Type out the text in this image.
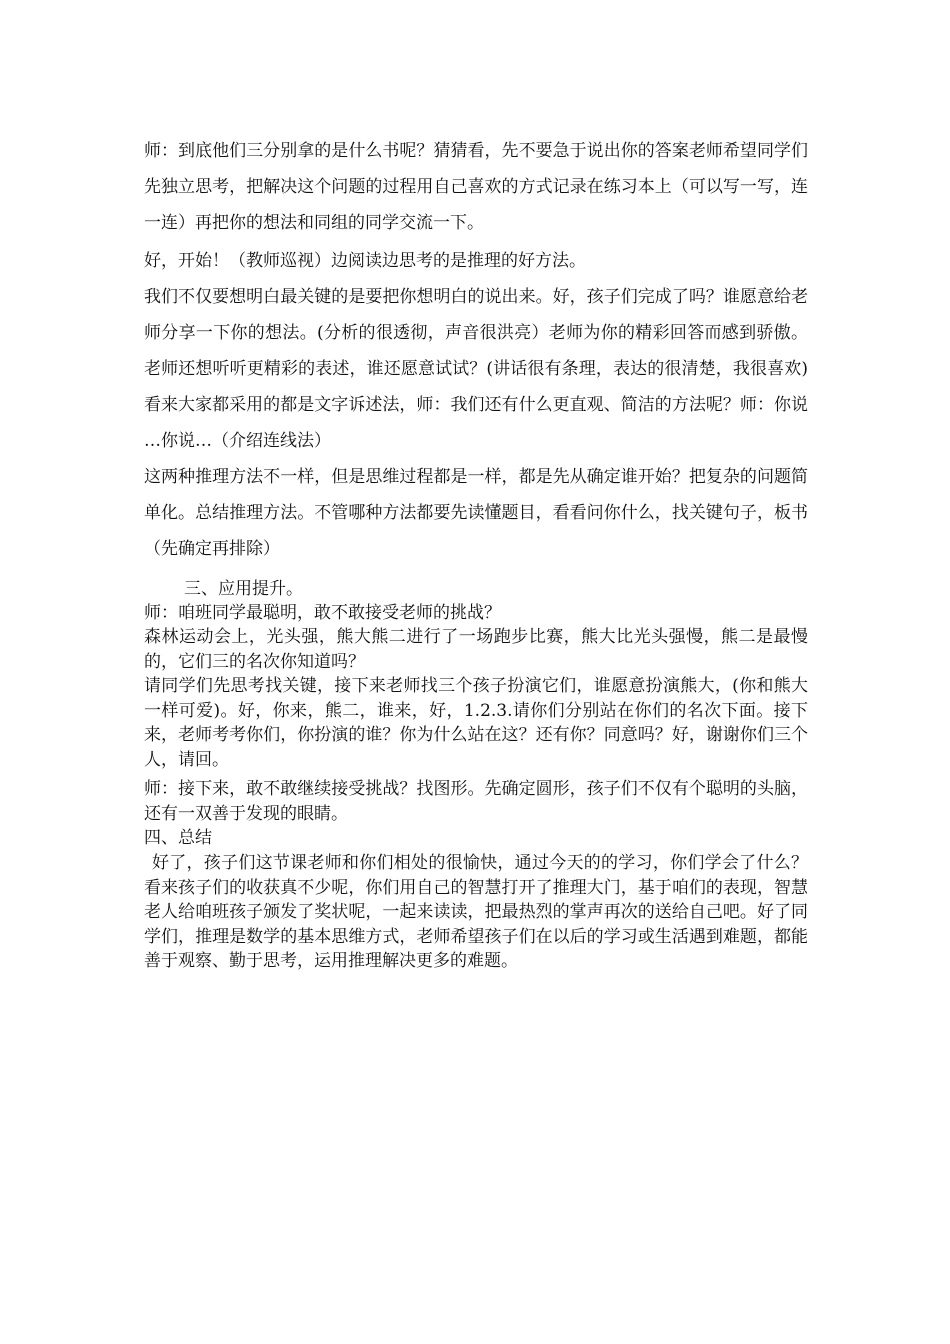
师：到底他们三分别拿的是什么书呢？猜猜看，先不要急于说出你的答案老师希望同学们先独立思考，把解决这个问题的过程用自己喜欢的方式记录在练习本上（可以写一写，连一连）再把你的想法和同组的同学交流一下。

好，开始！（教师巡视）边阅读边思考的是推理的好方法。

我们不仅要想明白最关键的是要把你想明白的说出来。好，孩子们完成了吗？谁愿意给老师分享一下你的想法。(分析的很透彻，声音很洪亮）老师为你的精彩回答而感到骄傲。老师还想听听更精彩的表述，谁还愿意试试？(讲话很有条理，表达的很清楚，我很喜欢)看来大家都采用的都是文字诉述法，师：我们还有什么更直观、简洁的方法呢？师：你说 …你说…（介绍连线法）

这两种推理方法不一样，但是思维过程都是一样，都是先从确定谁开始？把复杂的问题简单化。总结推理方法。不管哪种方法都要先读懂题目，看看问你什么，找关键句子，板书（先确定再排除）

三、应用提升。

师：咱班同学最聪明，敢不敢接受老师的挑战？

森林运动会上，光头强，熊大熊二进行了一场跑步比赛，熊大比光头强慢，熊二是最慢的，它们三的名次你知道吗？

请同学们先思考找关键，接下来老师找三个孩子扮演它们，谁愿意扮演熊大，(你和熊大一样可爱)。好，你来，熊二，谁来，好，1.2.3.请你们分别站在你们的名次下面。接下来，老师考考你们，你扮演的谁？你为什么站在这？还有你？同意吗？好，谢谢你们三个人，请回。

师：接下来，敢不敢继续接受挑战？找图形。先确定圆形，孩子们不仅有个聪明的头脑，还有一双善于发现的眼睛。

四、总结

好了，孩子们这节课老师和你们相处的很愉快，通过今天的的学习，你们学会了什么？看来孩子们的收获真不少呢，你们用自己的智慧打开了推理大门，基于咱们的表现，智慧老人给咱班孩子颁发了奖状呢，一起来读读，把最热烈的掌声再次的送给自己吧。好了同学们，推理是数学的基本思维方式，老师希望孩子们在以后的学习或生活遇到难题，都能善于观察、勤于思考，运用推理解决更多的难题。
